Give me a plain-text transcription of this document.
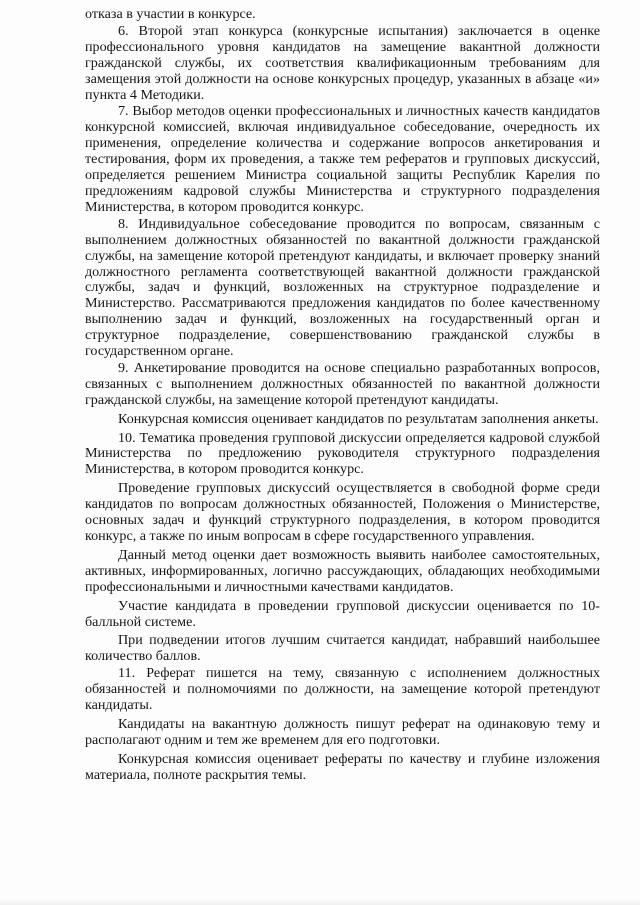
отказа в участии в конкурсе.

6. Второй этап конкурса (конкурсные испытания) заключается в оценке профессионального уровня кандидатов на замещение вакантной должности гражданской службы, их соответствия квалификационным требованиям для замещения этой должности на основе конкурсных процедур, указанных в абзаце «и» пункта 4 Методики.

7. Выбор методов оценки профессиональных и личностных качеств кандидатов конкурсной комиссией, включая индивидуальное собеседование, очередность их применения, определение количества и содержание вопросов анкетирования и тестирования, форм их проведения, а также тем рефератов и групповых дискуссий, определяется решением Министра социальной защиты Республик Карелия по предложениям кадровой службы Министерства и структурного подразделения Министерства, в котором проводится конкурс.

8. Индивидуальное собеседование проводится по вопросам, связанным с выполнением должностных обязанностей по вакантной должности гражданской службы, на замещение которой претендуют кандидаты, и включает проверку знаний должностного регламента соответствующей вакантной должности гражданской службы, задач и функций, возложенных на структурное подразделение и Министерство. Рассматриваются предложения кандидатов по более качественному выполнению задач и функций, возложенных на государственный орган и структурное подразделение, совершенствованию гражданской службы в государственном органе.

9. Анкетирование проводится на основе специально разработанных вопросов, связанных с выполнением должностных обязанностей по вакантной должности гражданской службы, на замещение которой претендуют кандидаты.

Конкурсная комиссия оценивает кандидатов по результатам заполнения анкеты.

10. Тематика проведения групповой дискуссии определяется кадровой службой Министерства по предложению руководителя структурного подразделения Министерства, в котором проводится конкурс.

Проведение групповых дискуссий осуществляется в свободной форме среди кандидатов по вопросам должностных обязанностей, Положения о Министерстве, основных задач и функций структурного подразделения, в котором проводится конкурс, а также по иным вопросам в сфере государственного управления.

Данный метод оценки дает возможность выявить наиболее самостоятельных, активных, информированных, логично рассуждающих, обладающих необходимыми профессиональными и личностными качествами кандидатов.

Участие кандидата в проведении групповой дискуссии оценивается по 10-балльной системе.

При подведении итогов лучшим считается кандидат, набравший наибольшее количество баллов.

11. Реферат пишется на тему, связанную с исполнением должностных обязанностей и полномочиями по должности, на замещение которой претендуют кандидаты.

Кандидаты на вакантную должность пишут реферат на одинаковую тему и располагают одним и тем же временем для его подготовки.

Конкурсная комиссия оценивает рефераты по качеству и глубине изложения материала, полноте раскрытия темы.
